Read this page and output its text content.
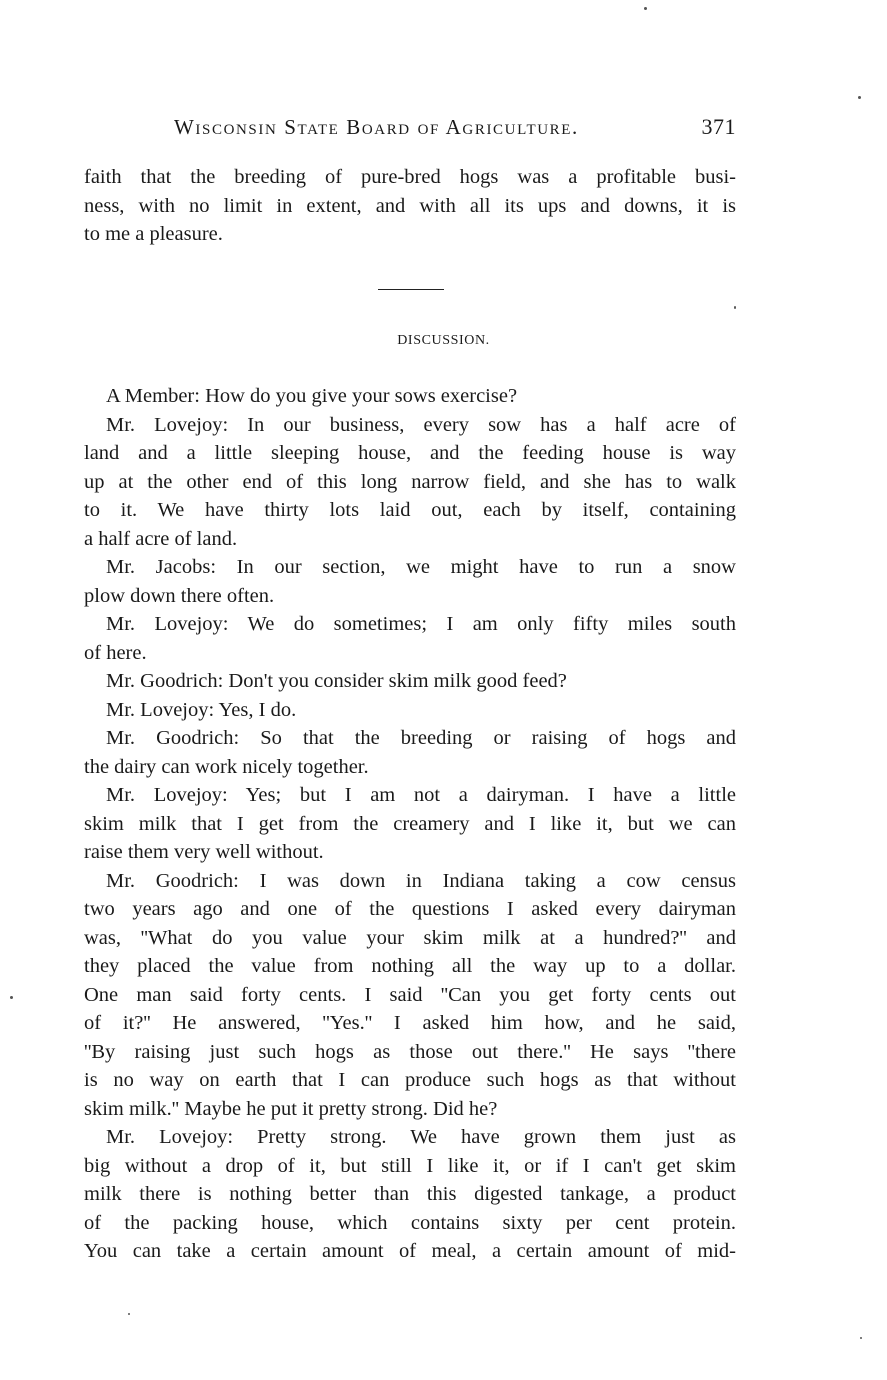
Wisconsin State Board of Agriculture.	371
faith that the breeding of pure-bred hogs was a profitable busi-
ness, with no limit in extent, and with all its ups and downs, it is
to me a pleasure.
DISCUSSION.
A Member: How do you give your sows exercise?
Mr. Lovejoy: In our business, every sow has a half acre of
land and a little sleeping house, and the feeding house is way
up at the other end of this long narrow field, and she has to walk
to it. We have thirty lots laid out, each by itself, containing
a half acre of land.
Mr. Jacobs: In our section, we might have to run a snow
plow down there often.
Mr. Lovejoy: We do sometimes; I am only fifty miles south
of here.
Mr. Goodrich: Don't you consider skim milk good feed?
Mr. Lovejoy: Yes, I do.
Mr. Goodrich: So that the breeding or raising of hogs and
the dairy can work nicely together.
Mr. Lovejoy: Yes; but I am not a dairyman. I have a little
skim milk that I get from the creamery and I like it, but we can
raise them very well without.
Mr. Goodrich: I was down in Indiana taking a cow census
two years ago and one of the questions I asked every dairyman
was, ''What do you value your skim milk at a hundred?'' and
they placed the value from nothing all the way up to a dollar.
One man said forty cents. I said ''Can you get forty cents out
of it?'' He answered, ''Yes.'' I asked him how, and he said,
''By raising just such hogs as those out there.'' He says ''there
is no way on earth that I can produce such hogs as that without
skim milk.'' Maybe he put it pretty strong. Did he?
Mr. Lovejoy: Pretty strong. We have grown them just as
big without a drop of it, but still I like it, or if I can't get skim
milk there is nothing better than this digested tankage, a product
of the packing house, which contains sixty per cent protein.
You can take a certain amount of meal, a certain amount of mid-
